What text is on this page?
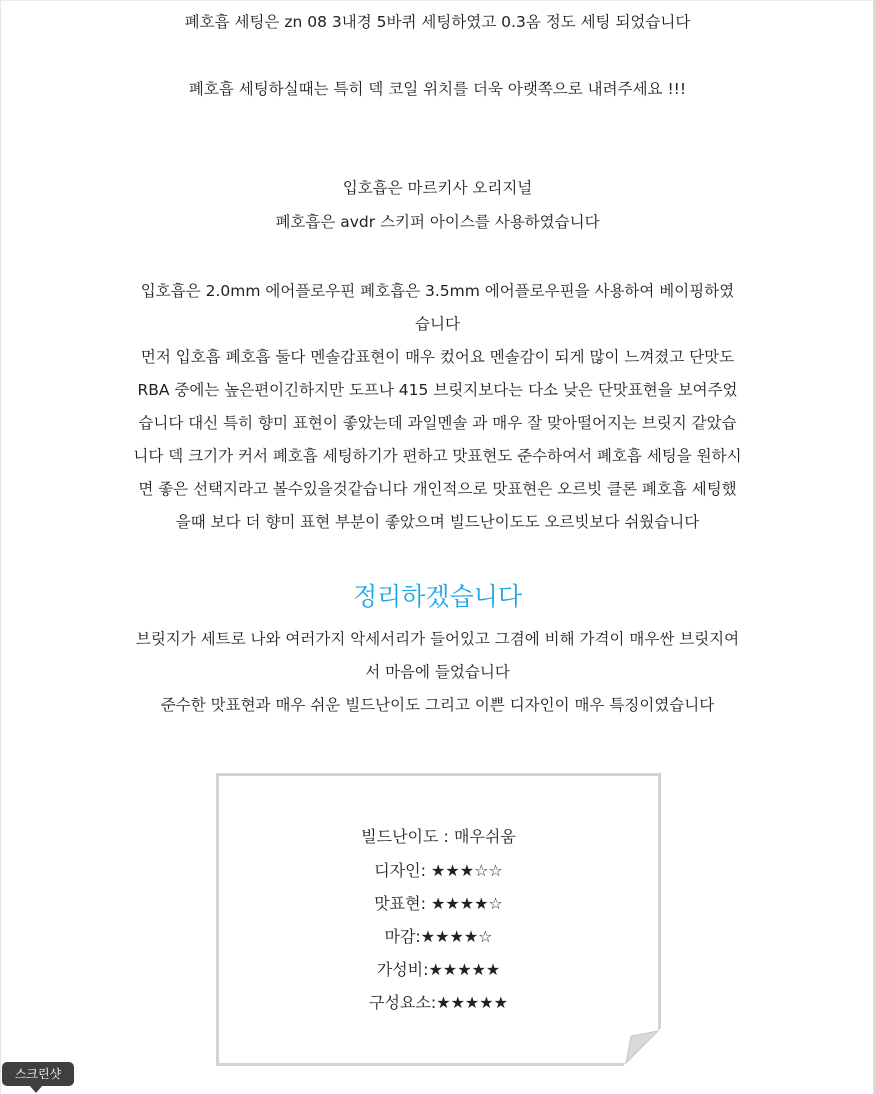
폐호흡 세팅은 zn 08 3내경 5바퀴 세팅하였고 0.3옴 정도 세팅 되었습니다
폐호흡 세팅하실때는 특히 덱 코일 위치를 더욱 아랫쪽으로 내려주세요 !!!
입호흡은 마르키사 오리지널
폐호흡은 avdr 스키퍼 아이스를 사용하였습니다
입호흡은 2.0mm 에어플로우핀 폐호흡은 3.5mm 에어플로우핀을 사용하여 베이핑하였
습니다
먼저 입호흡 폐호흡 둘다 멘솔감표현이 매우 컸어요 멘솔감이 되게 많이 느껴졌고 단맛도
RBA 중에는 높은편이긴하지만 도프나 415 브릿지보다는 다소 낮은 단맛표현을 보여주었
습니다 대신 특히 향미 표현이 좋았는데 과일멘솔 과 매우 잘 맞아떨어지는 브릿지 같았습
니다 덱 크기가 커서 폐호흡 세팅하기가 편하고 맛표현도 준수하여서 폐호흡 세팅을 원하시
면 좋은 선택지라고 볼수있을것같습니다 개인적으로 맛표현은 오르빗 클론 폐호흡 세팅했
을때 보다 더 향미 표현 부분이 좋았으며 빌드난이도도 오르빗보다 쉬웠습니다
정리하겠습니다
브릿지가 세트로 나와 여러가지 악세서리가 들어있고 그겸에 비해 가격이 매우싼 브릿지여
서 마음에 들었습니다
준수한 맛표현과 매우 쉬운 빌드난이도 그리고 이쁜 디자인이 매우 특징이였습니다
빌드난이도 : 매우쉬움
디자인: ★★★☆☆
맛표현: ★★★★☆
마감:★★★★☆
가성비:★★★★★
구성요소:★★★★★
스크린샷
